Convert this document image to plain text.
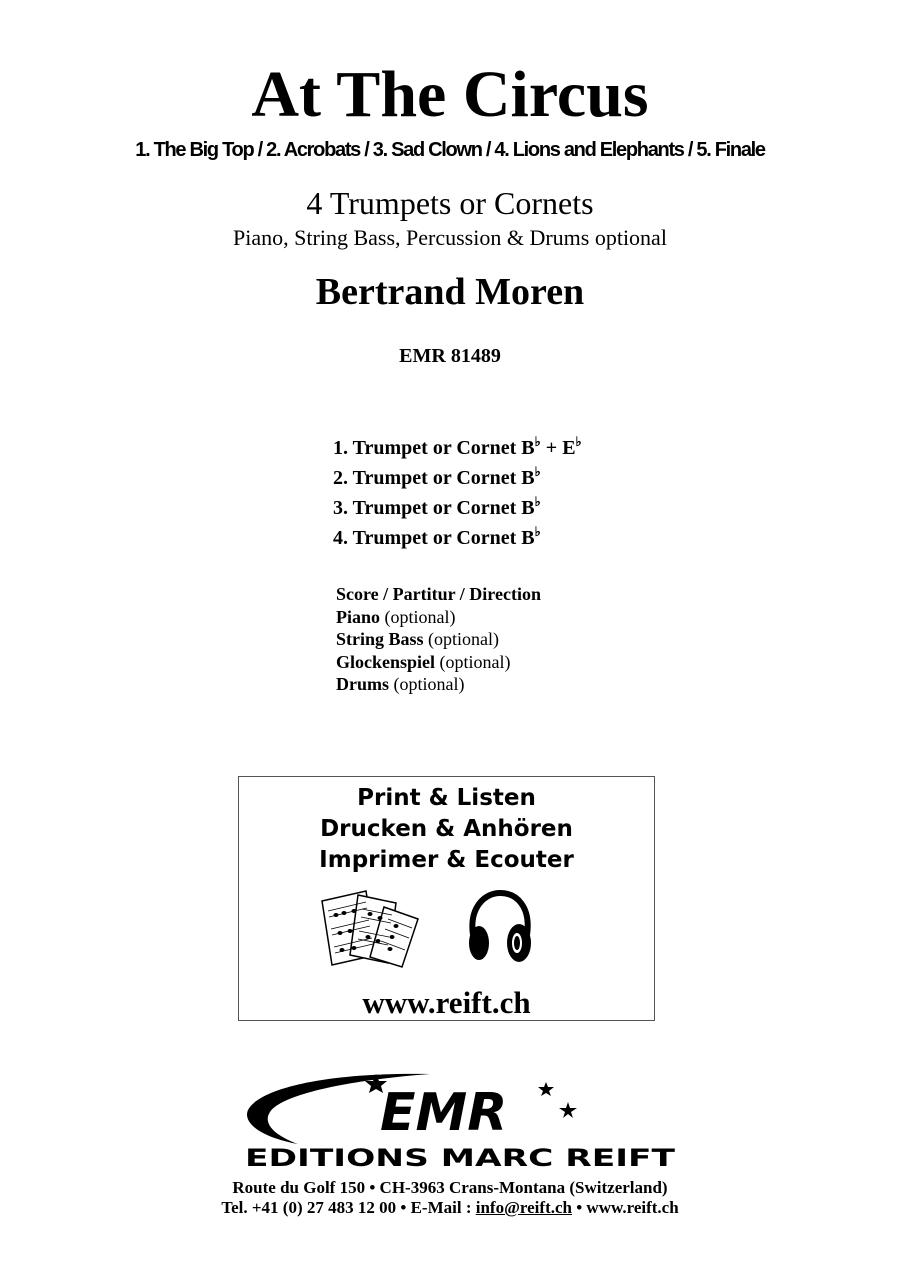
At The Circus
1. The Big Top / 2. Acrobats / 3. Sad Clown / 4. Lions and Elephants / 5. Finale
4 Trumpets or Cornets
Piano, String Bass, Percussion & Drums optional
Bertrand Moren
EMR 81489
1. Trumpet or Cornet B♭ + E♭
2. Trumpet or Cornet B♭
3. Trumpet or Cornet B♭
4. Trumpet or Cornet B♭
Score / Partitur / Direction
Piano (optional)
String Bass (optional)
Glockenspiel (optional)
Drums (optional)
Print & Listen
Drucken & Anhören
Imprimer & Ecouter
www.reift.ch
EMR
EDITIONS MARC REIFT
Route du Golf 150 • CH-3963 Crans-Montana (Switzerland)
Tel. +41 (0) 27 483 12 00 • E-Mail : info@reift.ch • www.reift.ch
